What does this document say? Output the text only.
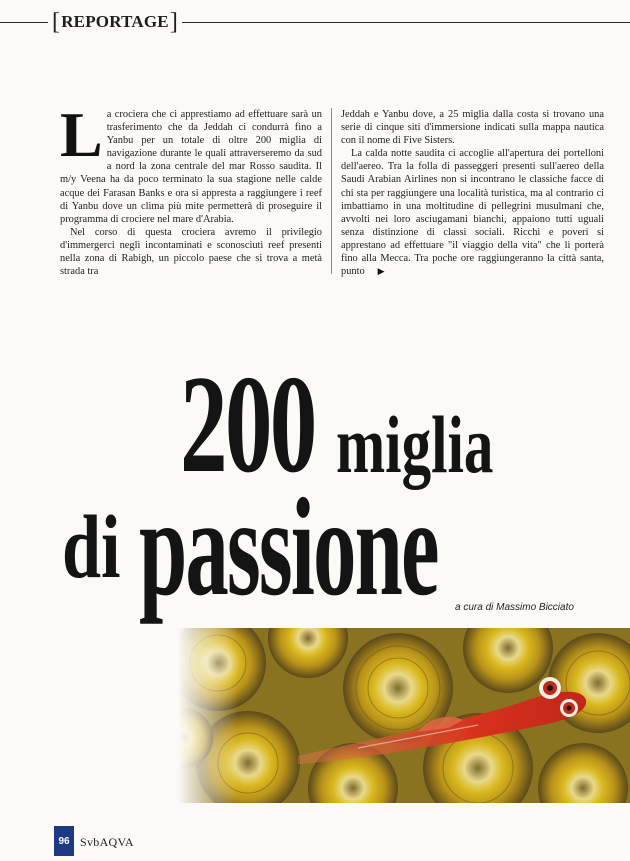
[ REPORTAGE ]

La crociera che ci apprestiamo ad effettuare sarà un trasferimento che da Jeddah ci condurrà fino a Yanbu per un totale di oltre 200 miglia di navigazione durante le quali attraverseremo da sud a nord la zona centrale del mar Rosso saudita. Il m/y Veena ha da poco terminato la sua stagione nelle calde acque dei Farasan Banks e ora si appresta a raggiungere i reef di Yanbu dove un clima più mite permetterà di proseguire il programma di crociere nel mare d'Arabia.

Nel corso di questa crociera avremo il privilegio d'immergerci negli incontaminati e sconosciuti reef presenti nella zona di Rabigh, un piccolo paese che si trova a metà strada tra

Jeddah e Yanbu dove, a 25 miglia dalla costa si trovano una serie di cinque siti d'immersione indicati sulla mappa nautica con il nome di Five Sisters.

La calda notte saudita ci accoglie all'apertura dei portelloni dell'aereo. Tra la folla di passeggeri presenti sull'aereo della Saudi Arabian Airlines non si incontrano le classiche facce di chi sta per raggiungere una località turistica, ma al contrario ci imbattiamo in una moltitudine di pellegrini musulmani che, avvolti nei loro asciugamani bianchi, appaiono tutti uguali senza distinzione di classi sociali. Ricchi e poveri si apprestano ad effettuare "il viaggio della vita" che li porterà fino alla Mecca. Tra poche ore raggiungeranno la città santa, punto ▶

200 miglia
di passione a cura di Massimo Bicciato
96 SvbAQVA
